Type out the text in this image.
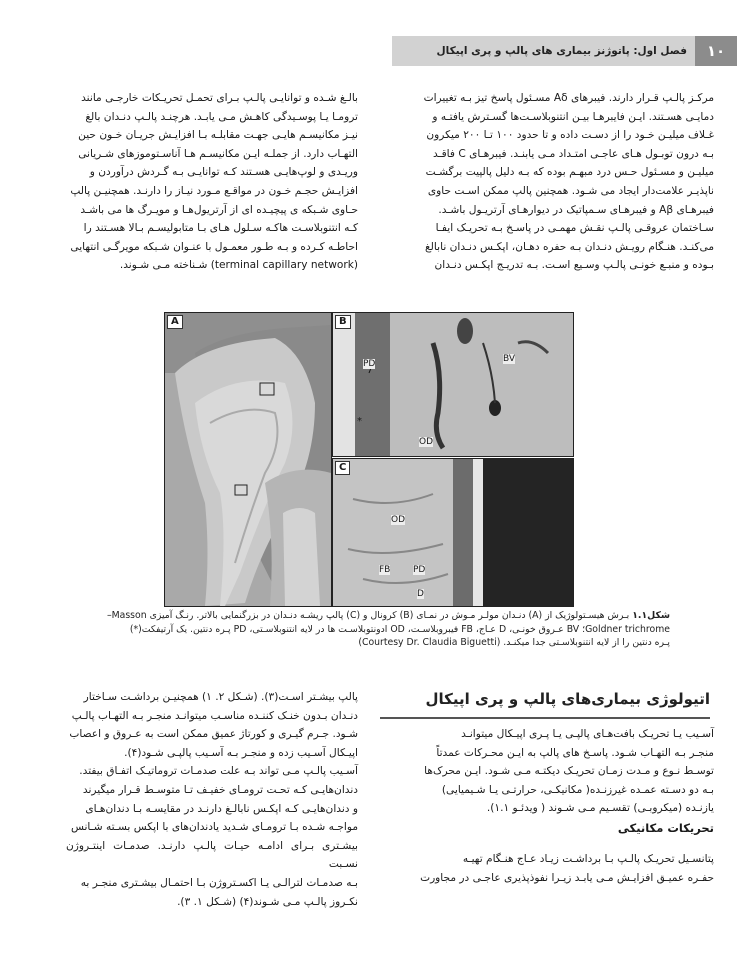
١٠
فصل اول: پاتوژنز بیماری های پالپ و پری اپیکال

مرکـز پالـپ قـرار دارند. فیبرهای Aδ مسـئول پاسخ تیز بـه تغییرات

دمایـی هسـتند. ایـن فایبرهـا بیـن انتنوبلاسـت‌ها گسـترش یافتـه و

غـلاف میلیـن خـود را از دسـت داده و تا حدود ۱۰۰ تـا ۲۰۰ میکرون

بـه درون توبـول هـای عاجـی امتـداد مـی یابنـد. فیبرهـای C فاقـد

میلیـن و مسـئول حـس درد مبهـم بوده که بـه دلیل پالپیت برگشـت

ناپذیـر علامت‌دار ایجاد می شـود. همچنین پالپ ممکن اسـت حاوی

فیبرهـای Aβ و فیبرهـای سـمپاتیک در دیوارهـای آرتریـول باشـد.

سـاختمان عروقـی پالـپ نقـش مهمـی در پاسـخ بـه تحریـک ایفـا

می‌کنـد. هنـگام رویـش دنـدان بـه حفره دهـان، اپکـس دنـدان نابالغ

بـوده و منبـع خونـی پالـپ وسـیع اسـت. بـه تدریـج اپکـس دنـدان

بالـغ شـده و توانایـی پالـپ بـرای تحمـل تحریـکات خارجـی مانند

ترومـا یـا پوسـیدگی کاهـش مـی یابـد. هرچنـد پالـپ دنـدان بالغ

نیـز مکانیسـم هایـی جهـت مقابلـه بـا افزایـش جریـان خـون حین

التهـاب دارد. از جملـه ایـن مکانیسـم هـا آناسـتوموزهای شـریانی

وریـدی و لوپ‌هایـی هسـتند کـه توانایـی بـه گـردش درآوردن و

افزایـش حجـم خـون در مواقـع مـورد نیـاز را دارنـد. همچنیـن پالپ

حـاوی شـبکه ی پیچیـده ای از آرتریول‌هـا و مویـرگ ها می باشـد

کـه انتنوبلاسـت هاکـه سـلول هـای بـا متابولیسـم بـالا هسـتند را

احاطـه کـرده و بـه طـور معمـول با عنـوان شـبکه مویرگـی انتهایی

(terminal capillary network) شـناخته مـی شـوند.

A	B
PD	BV
*
OD
C
OD
FB	PD
D
شکل۱.۱ بـرش هیسـتولوژیک از (A) دنـدان مولـر مـوش در نمـای (B) کرونال و (C) پالپ ریشـه دنـدان در بزرگنمایی بالاتر. رنـگ آمیزی Masson–
Goldner trichrome؛ BV عـروق خونـی، D عـاج، FB فیبروبلاسـت، OD ادونتوبلاسـت ها در لایه انتنوبلاسـتی، PD پـره دنتین. یک آرتیفکت(*)
پـره دنتین را از لایه انتنوبلاسـتی جدا میکنـد. (Courtesy Dr. Claudia Biguetti)
اتیولوژی بیماری‌های پالپ و پری اپیکال

آسـیب یـا تحریـک بافت‌هـای پالپـی یـا پـری اپیـکال میتوانـد

منجـر بـه التهـاب شـود. پاسـخ های پالپ به ایـن محـرکات عمدتاً

توسـط نـوع و مـدت زمـان تحریـک دیکتـه مـی شـود. ایـن محرک‌ها

بـه دو دسـته عمـده غیرزنـده( مکانیکـی، حرارتـی یـا شـیمیایی)

یازنـده (میکروبـی) تقسـیم مـی شـوند ( ویدئـو ۱.۱).

تحریکات مکانیکی

پتانسـیل تحریـک پالـپ بـا برداشـت زیـاد عـاج هنـگام تهیـه

حفـره عمیـق افزایـش مـی یابـد زیـرا نفوذپذیری عاجـی در مجاورت

پالپ بیشـتر اسـت(۳). (شـکل ۲. ۱) همچنیـن برداشـت سـاختار

دنـدان بـدون خنـک کننـده مناسـب میتوانـد منجـر بـه التهـاب پالـپ

شـود. جـرم گیـری و کورتاژ عمیق ممکن است به عـروق و اعصاب

اپیـکال آسـیب زده و منجـر بـه آسـیب پالپـی شـود(۴).

آسـیب پالـپ مـی تواند بـه علت صدمـات تروماتیـک اتفـاق بیفتد.

دندان‌هایـی کـه تحـت ترومـای خفیـف تـا متوسـط قـرار میگیرند

و دندان‌هایـی کـه اپکـس نابالـغ دارنـد در مقایسـه بـا دندان‌هـای

مواجـه شـده بـا ترومـای شـدید یادندان‌های با اپکس بسـته شـانس

بیشـتری بـرای ادامـه حیـات پالـپ دارنـد. صدمـات اینتـروژن نسـبت

بـه صدمـات لترالـی یـا اکسـتروژن بـا احتمـال بیشـتری منجـر به

نکـروز پالـپ مـی شـوند(۴) (شـکل ۱. ۳).
